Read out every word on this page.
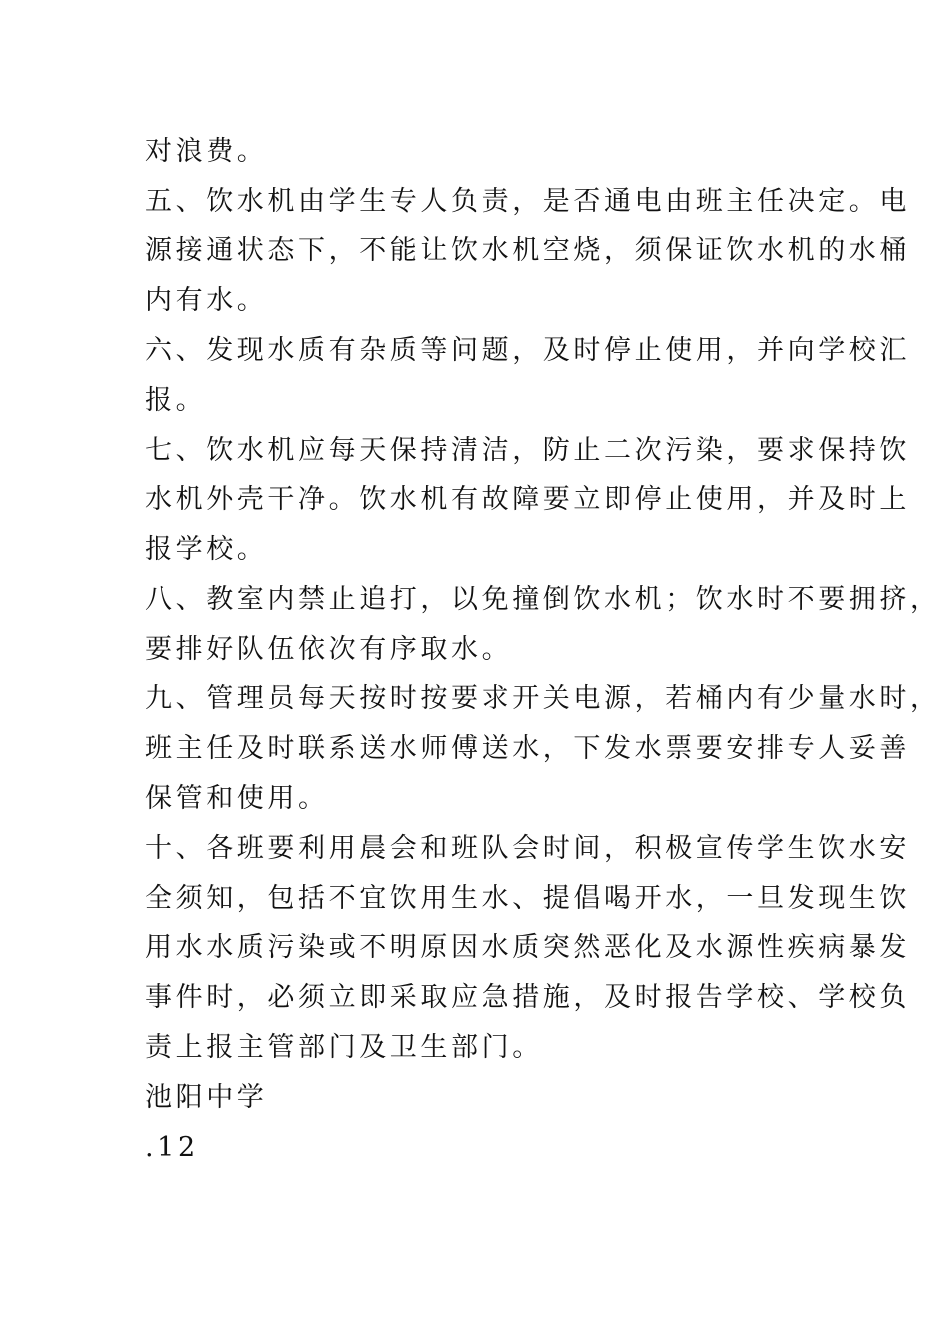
对浪费。
五、饮水机由学生专人负责，是否通电由班主任决定。电
源接通状态下，不能让饮水机空烧，须保证饮水机的水桶
内有水。
六、发现水质有杂质等问题，及时停止使用，并向学校汇
报。
七、饮水机应每天保持清洁，防止二次污染，要求保持饮
水机外壳干净。饮水机有故障要立即停止使用，并及时上
报学校。
八、教室内禁止追打，以免撞倒饮水机；饮水时不要拥挤，
要排好队伍依次有序取水。
九、管理员每天按时按要求开关电源，若桶内有少量水时，
班主任及时联系送水师傅送水，下发水票要安排专人妥善
保管和使用。
十、各班要利用晨会和班队会时间，积极宣传学生饮水安
全须知，包括不宜饮用生水、提倡喝开水，一旦发现生饮
用水水质污染或不明原因水质突然恶化及水源性疾病暴发
事件时，必须立即采取应急措施，及时报告学校、学校负
责上报主管部门及卫生部门。
池阳中学
.12
